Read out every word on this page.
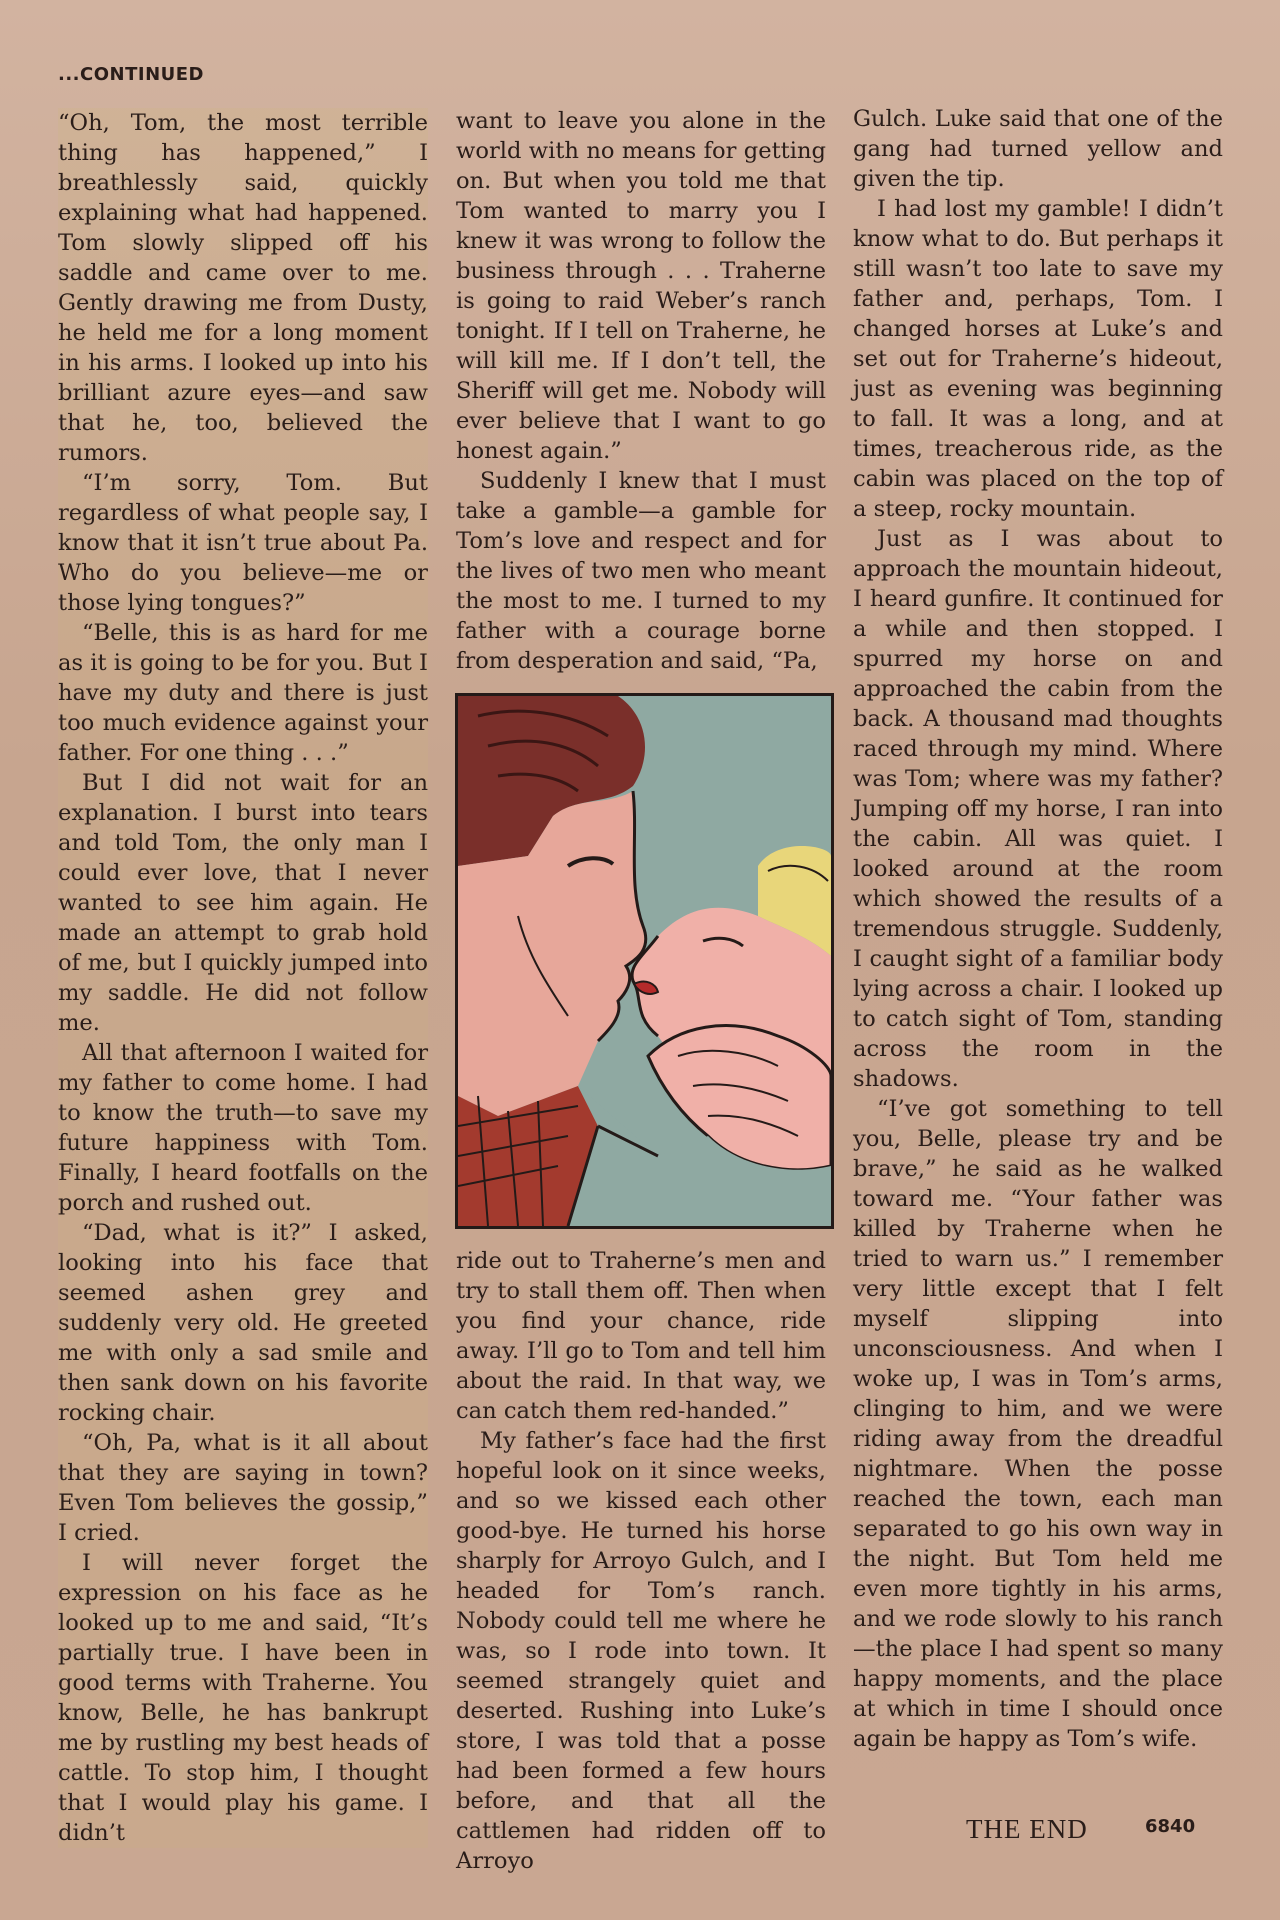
...CONTINUED

“Oh, Tom, the most terrible thing has happened,” I breathlessly said, quickly explaining what had happened. Tom slowly slipped off his saddle and came over to me. Gently drawing me from Dusty, he held me for a long moment in his arms. I looked up into his brilliant azure eyes—and saw that he, too, believed the rumors.

“I’m sorry, Tom. But regardless of what people say, I know that it isn’t true about Pa. Who do you believe—me or those lying tongues?”

“Belle, this is as hard for me as it is going to be for you. But I have my duty and there is just too much evidence against your father. For one thing . . .”

But I did not wait for an explanation. I burst into tears and told Tom, the only man I could ever love, that I never wanted to see him again. He made an attempt to grab hold of me, but I quickly jumped into my saddle. He did not follow me.

All that afternoon I waited for my father to come home. I had to know the truth—to save my future happiness with Tom. Finally, I heard footfalls on the porch and rushed out.

“Dad, what is it?” I asked, looking into his face that seemed ashen grey and suddenly very old. He greeted me with only a sad smile and then sank down on his favorite rocking chair.

“Oh, Pa, what is it all about that they are saying in town? Even Tom believes the gossip,” I cried.

I will never forget the expression on his face as he looked up to me and said, “It’s partially true. I have been in good terms with Traherne. You know, Belle, he has bankrupt me by rustling my best heads of cattle. To stop him, I thought that I would play his game. I didn’t

want to leave you alone in the world with no means for getting on. But when you told me that Tom wanted to marry you I knew it was wrong to follow the business through . . . Traherne is going to raid Weber’s ranch tonight. If I tell on Traherne, he will kill me. If I don’t tell, the Sheriff will get me. Nobody will ever believe that I want to go honest again.”

Suddenly I knew that I must take a gamble—a gamble for Tom’s love and respect and for the lives of two men who meant the most to me. I turned to my father with a courage borne from desperation and said, “Pa,

ride out to Traherne’s men and try to stall them off. Then when you find your chance, ride away. I’ll go to Tom and tell him about the raid. In that way, we can catch them red-handed.”

My father’s face had the first hopeful look on it since weeks, and so we kissed each other good-bye. He turned his horse sharply for Arroyo Gulch, and I headed for Tom’s ranch. Nobody could tell me where he was, so I rode into town. It seemed strangely quiet and deserted. Rushing into Luke’s store, I was told that a posse had been formed a few hours before, and that all the cattlemen had ridden off to Arroyo

Gulch. Luke said that one of the gang had turned yellow and given the tip.

I had lost my gamble! I didn’t know what to do. But perhaps it still wasn’t too late to save my father and, perhaps, Tom. I changed horses at Luke’s and set out for Traherne’s hideout, just as evening was beginning to fall. It was a long, and at times, treacherous ride, as the cabin was placed on the top of a steep, rocky mountain.

Just as I was about to approach the mountain hideout, I heard gunfire. It continued for a while and then stopped. I spurred my horse on and approached the cabin from the back. A thousand mad thoughts raced through my mind. Where was Tom; where was my father? Jumping off my horse, I ran into the cabin. All was quiet. I looked around at the room which showed the results of a tremendous struggle. Suddenly, I caught sight of a familiar body lying across a chair. I looked up to catch sight of Tom, standing across the room in the shadows.

“I’ve got something to tell you, Belle, please try and be brave,” he said as he walked toward me. “Your father was killed by Traherne when he tried to warn us.” I remember very little except that I felt myself slipping into unconsciousness. And when I woke up, I was in Tom’s arms, clinging to him, and we were riding away from the dreadful nightmare. When the posse reached the town, each man separated to go his own way in the night. But Tom held me even more tightly in his arms, and we rode slowly to his ranch—the place I had spent so many happy moments, and the place at which in time I should once again be happy as Tom’s wife.

THE END	6840
